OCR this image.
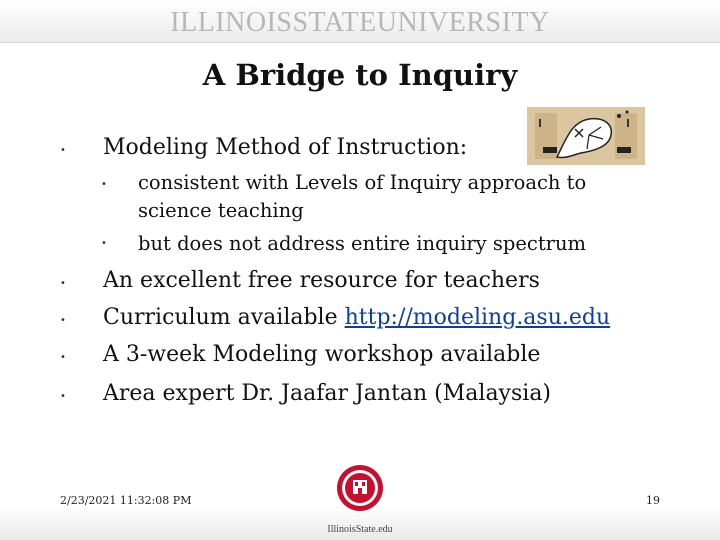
ILLINOISSTATEUNIVERSITY
A Bridge to Inquiry
• Modeling Method of Instruction:
• consistent with Levels of Inquiry approach to
science teaching
• but does not address entire inquiry spectrum
• An excellent free resource for teachers
• Curriculum available http://modeling.asu.edu
• A 3-week Modeling workshop available
• Area expert Dr. Jaafar Jantan (Malaysia)
2/23/2021 11:32:08 PM	19
IllinoisState.edu
